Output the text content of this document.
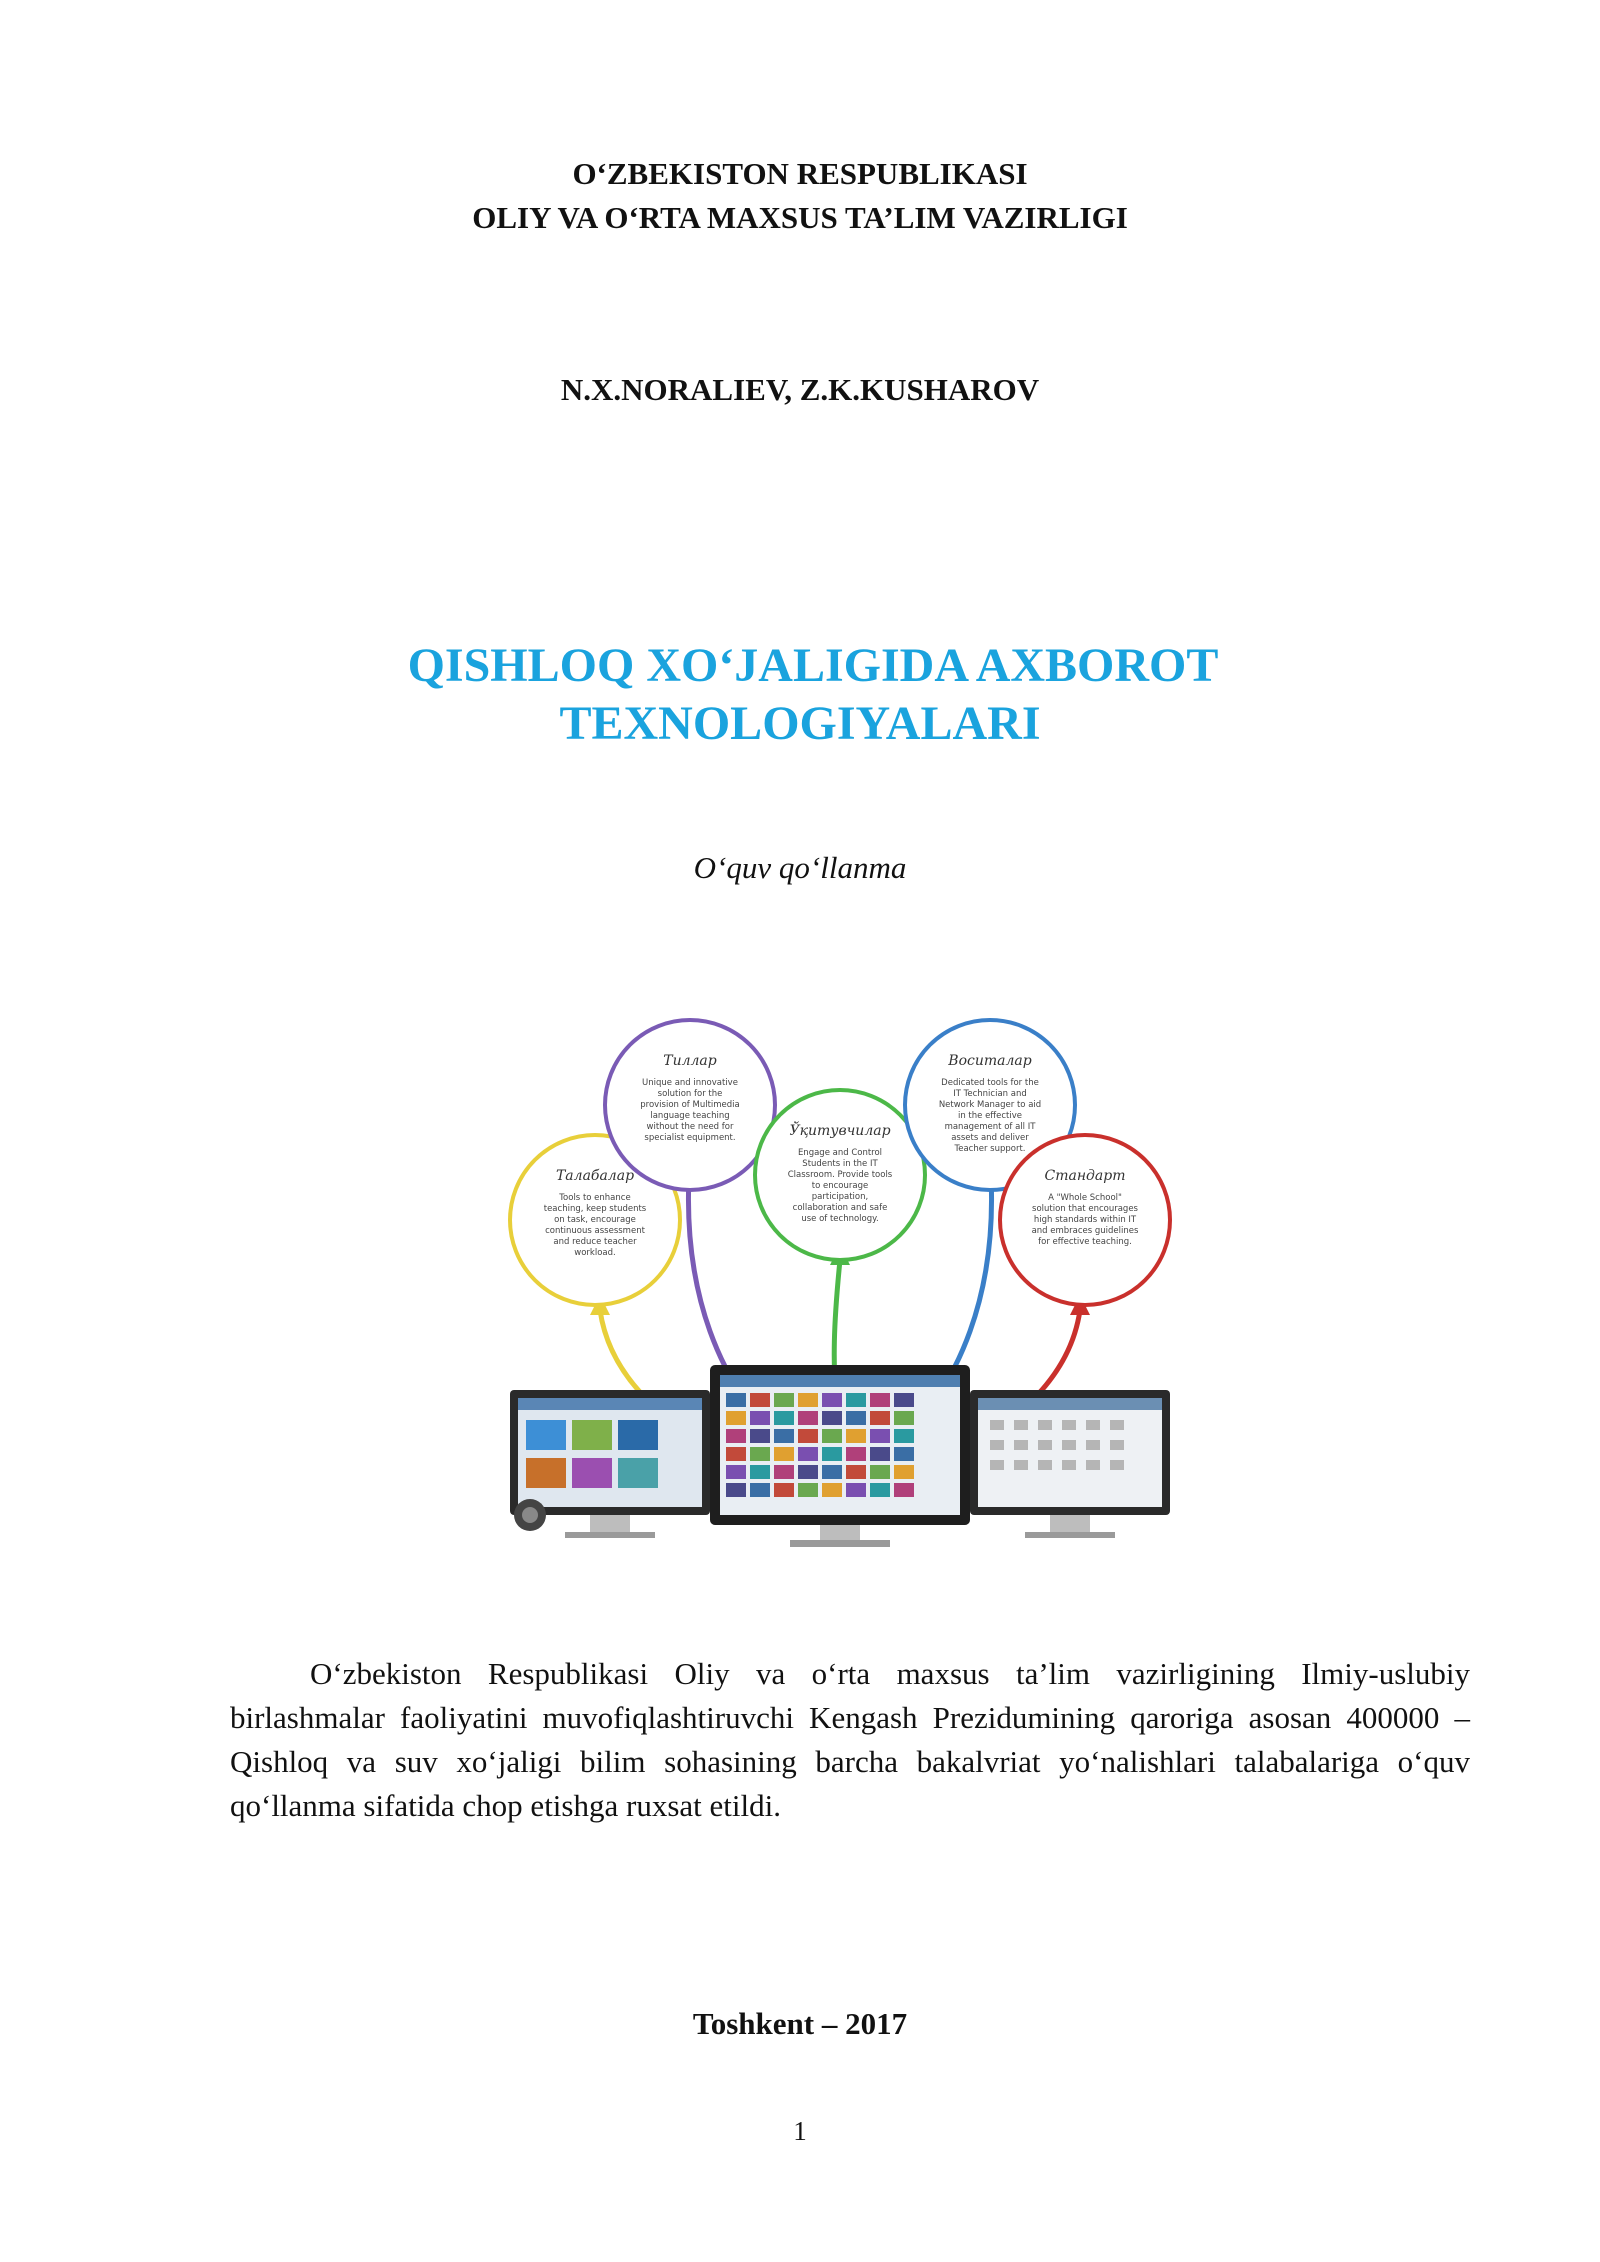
O‘ZBEKISTON RESPUBLIKASI
OLIY VA O‘RTA MAXSUS TA’LIM VAZIRLIGI
N.X.NORALIEV, Z.K.KUSHAROV
QISHLOQ XO‘JALIGIDA AXBOROT
TEXNOLOGIYALARI
O‘quv qo‘llanma
Талабалар
Tools to enhance
teaching, keep students
on task, encourage
continuous assessment
and reduce teacher
workload.
Тиллар
Unique and innovative
solution for the
provision of Multimedia
language teaching
without the need for
specialist equipment.	Ўқитувчилар
Engage and Control
Students in the IT
Classroom. Provide tools
to encourage
participation,
collaboration and safe
use of technology.
Воситалар
Dedicated tools for the
IT Technician and
Network Manager to aid
in the effective
management of all IT
assets and deliver
Teacher support.
Стандарт
A "Whole School"
solution that encourages
high standards within IT
and embraces guidelines
for effective teaching.
O‘zbekiston Respublikasi Oliy va o‘rta maxsus ta’lim vazirligining Ilmiy-uslubiy birlashmalar faoliyatini muvofiqlashtiruvchi Kengash Prezidumining qaroriga asosan 400000 – Qishloq va suv xo‘jaligi bilim sohasining barcha bakalvriat yo‘nalishlari talabalariga o‘quv qo‘llanma sifatida chop etishga ruxsat etildi.
Toshkent – 2017
1
